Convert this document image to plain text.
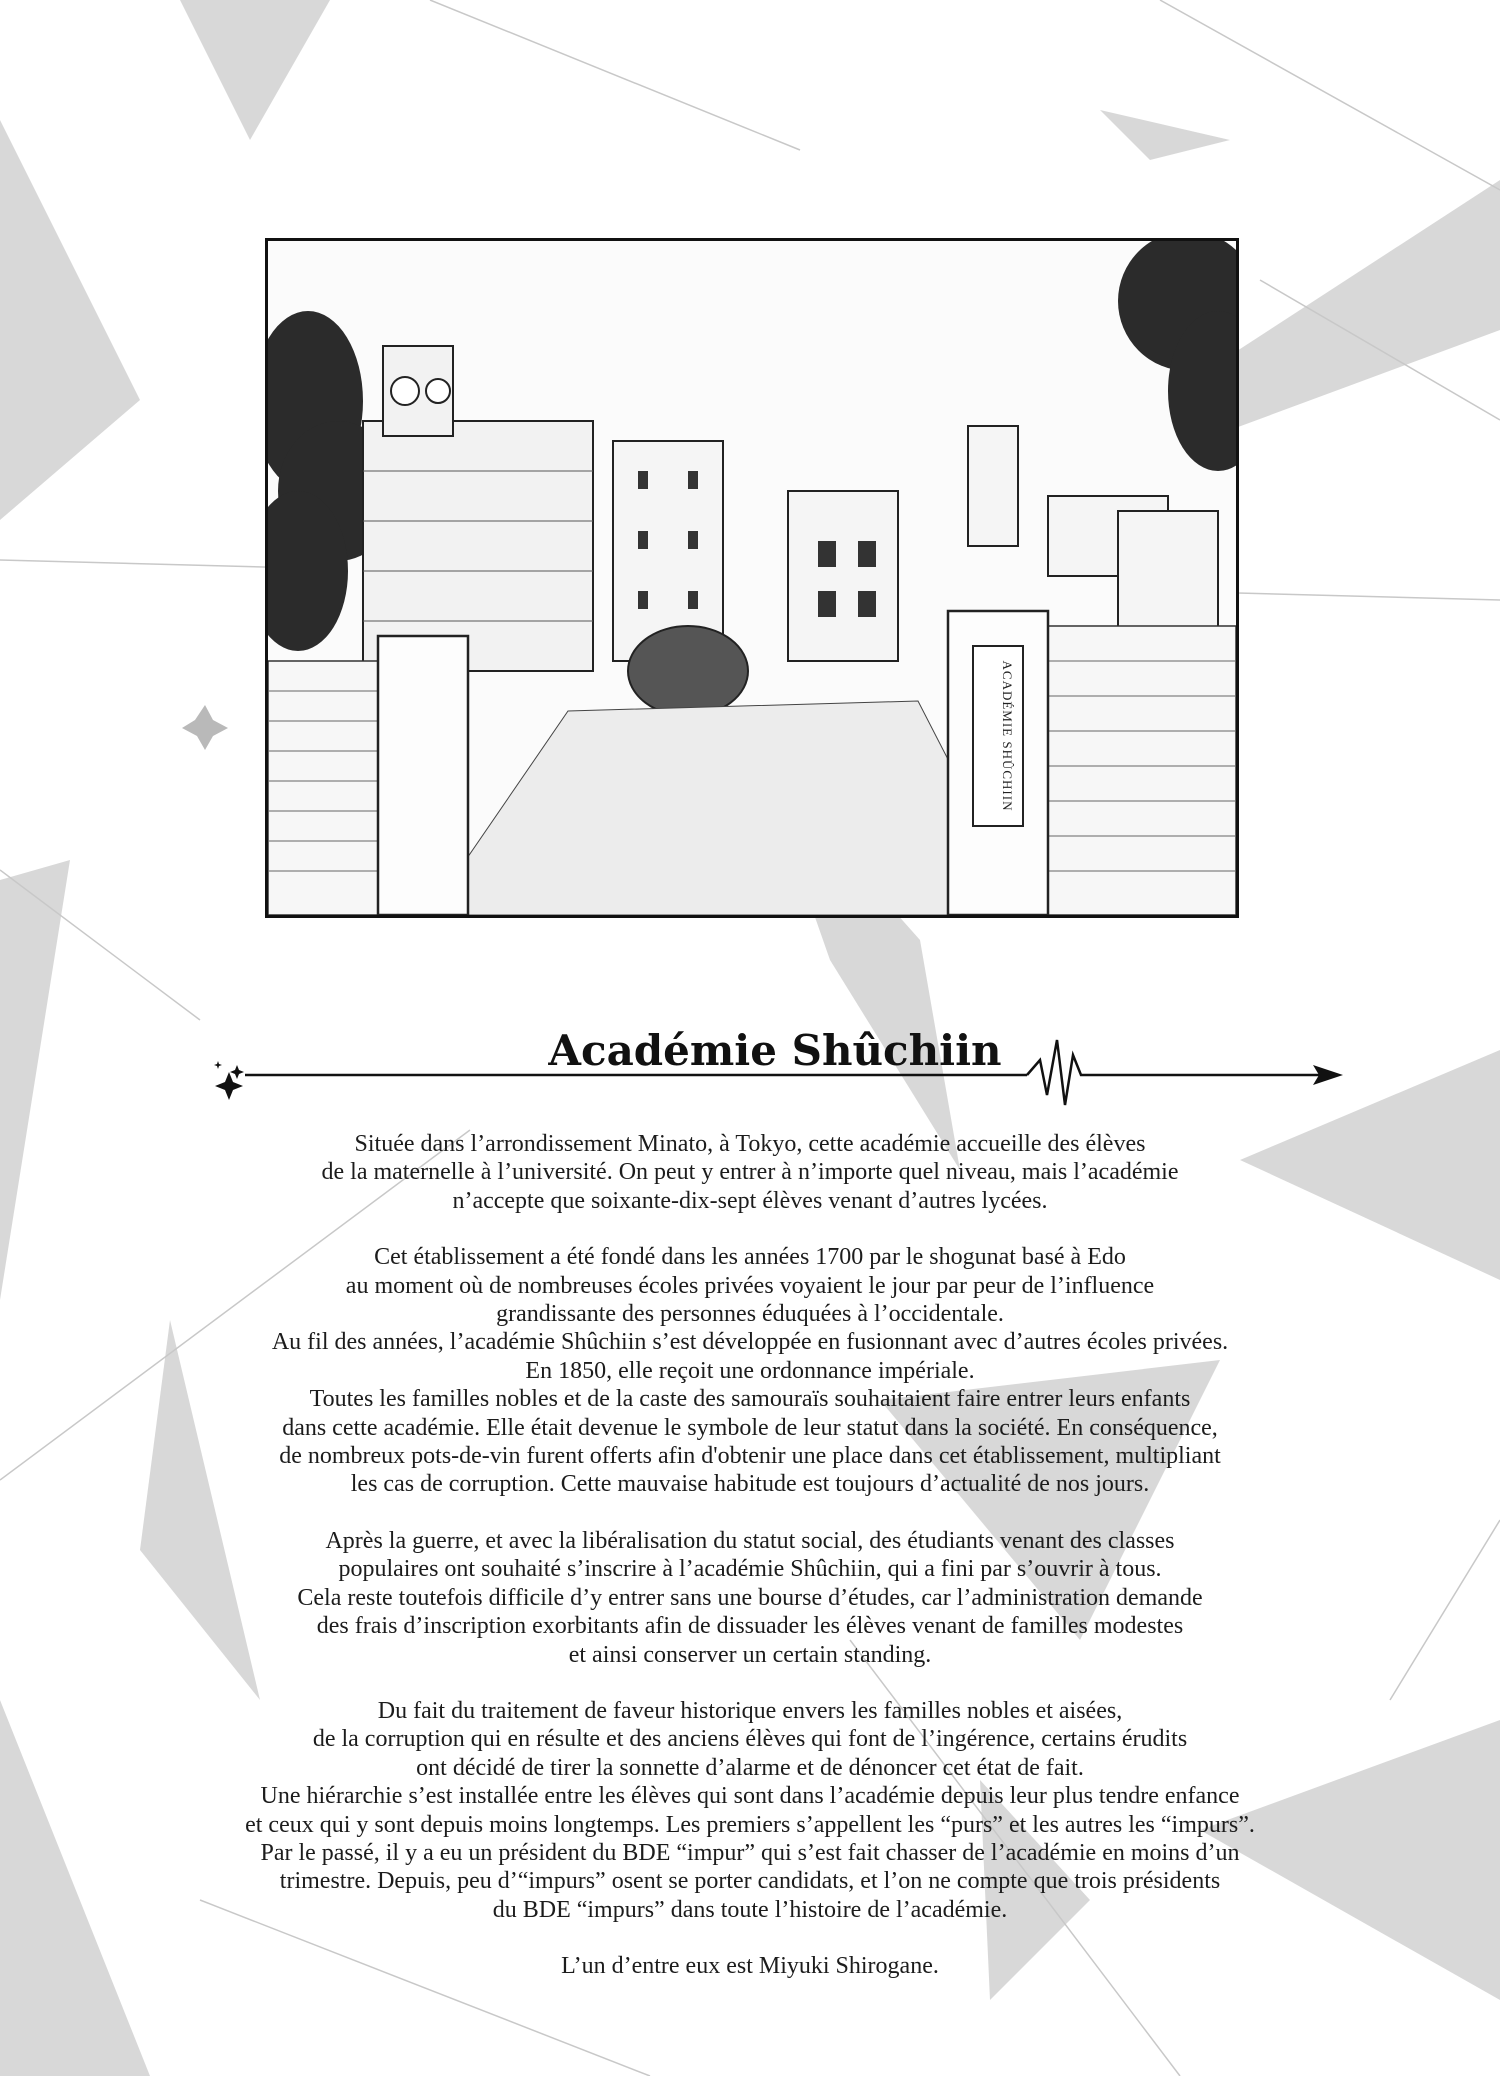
ACADÉMIE SHÛCHIIN
Académie Shûchiin

Située dans l’arrondissement Minato, à Tokyo, cette académie accueille des élèves
de la maternelle à l’université. On peut y entrer à n’importe quel niveau, mais l’académie
n’accepte que soixante-dix-sept élèves venant d’autres lycées.

Cet établissement a été fondé dans les années 1700 par le shogunat basé à Edo
au moment où de nombreuses écoles privées voyaient le jour par peur de l’influence
grandissante des personnes éduquées à l’occidentale.
Au fil des années, l’académie Shûchiin s’est développée en fusionnant avec d’autres écoles privées.
En 1850, elle reçoit une ordonnance impériale.
Toutes les familles nobles et de la caste des samouraïs souhaitaient faire entrer leurs enfants
dans cette académie. Elle était devenue le symbole de leur statut dans la société. En conséquence,
de nombreux pots-de-vin furent offerts afin d'obtenir une place dans cet établissement, multipliant
les cas de corruption. Cette mauvaise habitude est toujours d’actualité de nos jours.

Après la guerre, et avec la libéralisation du statut social, des étudiants venant des classes
populaires ont souhaité s’inscrire à l’académie Shûchiin, qui a fini par s’ouvrir à tous.
Cela reste toutefois difficile d’y entrer sans une bourse d’études, car l’administration demande
des frais d’inscription exorbitants afin de dissuader les élèves venant de familles modestes
et ainsi conserver un certain standing.

Du fait du traitement de faveur historique envers les familles nobles et aisées,
de la corruption qui en résulte et des anciens élèves qui font de l’ingérence, certains érudits
ont décidé de tirer la sonnette d’alarme et de dénoncer cet état de fait.
Une hiérarchie s’est installée entre les élèves qui sont dans l’académie depuis leur plus tendre enfance
et ceux qui y sont depuis moins longtemps. Les premiers s’appellent les “purs” et les autres les “impurs”.
Par le passé, il y a eu un président du BDE “impur” qui s’est fait chasser de l’académie en moins d’un
trimestre. Depuis, peu d’“impurs” osent se porter candidats, et l’on ne compte que trois présidents
du BDE “impurs” dans toute l’histoire de l’académie.

L’un d’entre eux est Miyuki Shirogane.
